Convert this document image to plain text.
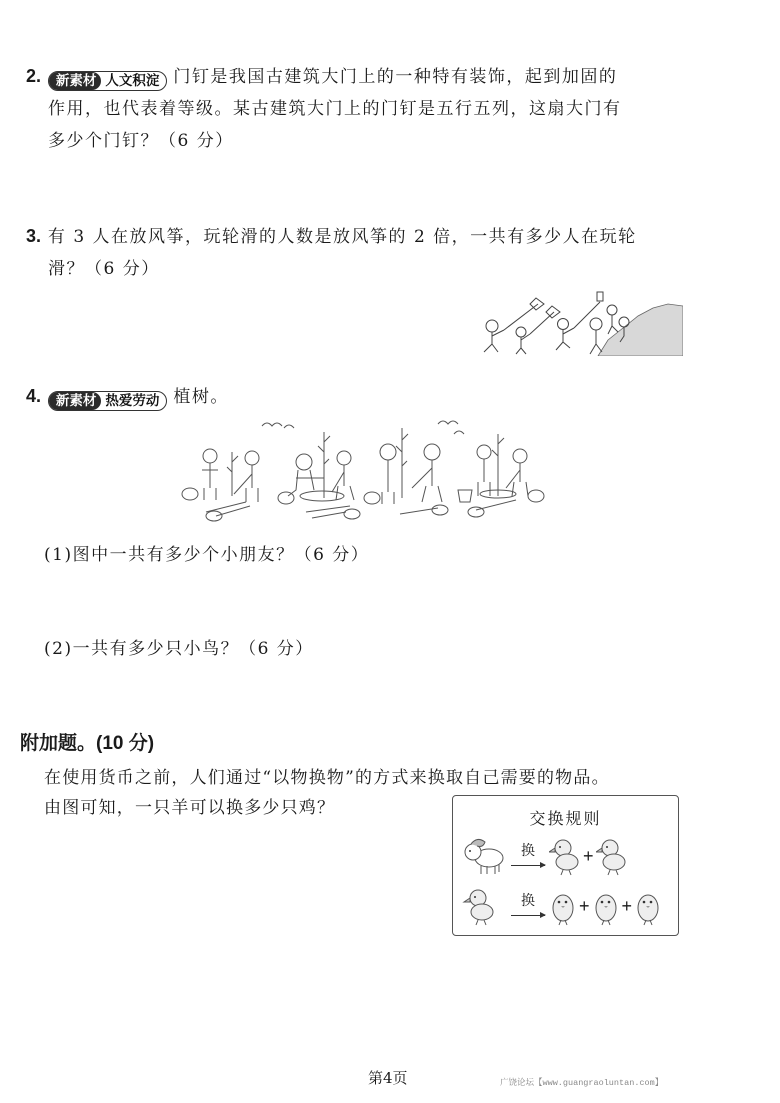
2.	新素材 人文积淀 门钉是我国古建筑大门上的一种特有装饰，起到加固的
作用，也代表着等级。某古建筑大门上的门钉是五行五列，这扇大门有
多少个门钉？（6 分）
3. 有 3 人在放风筝，玩轮滑的人数是放风筝的 2 倍，一共有多少人在玩轮
滑？（6 分）
4.	新素材 热爱劳动 植树。
(1)图中一共有多少个小朋友？（6 分）
(2)一共有多少只小鸟？（6 分）
附加题。(10 分)
在使用货币之前，人们通过“以物换物”的方式来换取自己需要的物品。
由图可知，一只羊可以换多少只鸡？
交换规则
换	+
换	+ +
第4页	广饶论坛【www.guangraoluntan.com】
